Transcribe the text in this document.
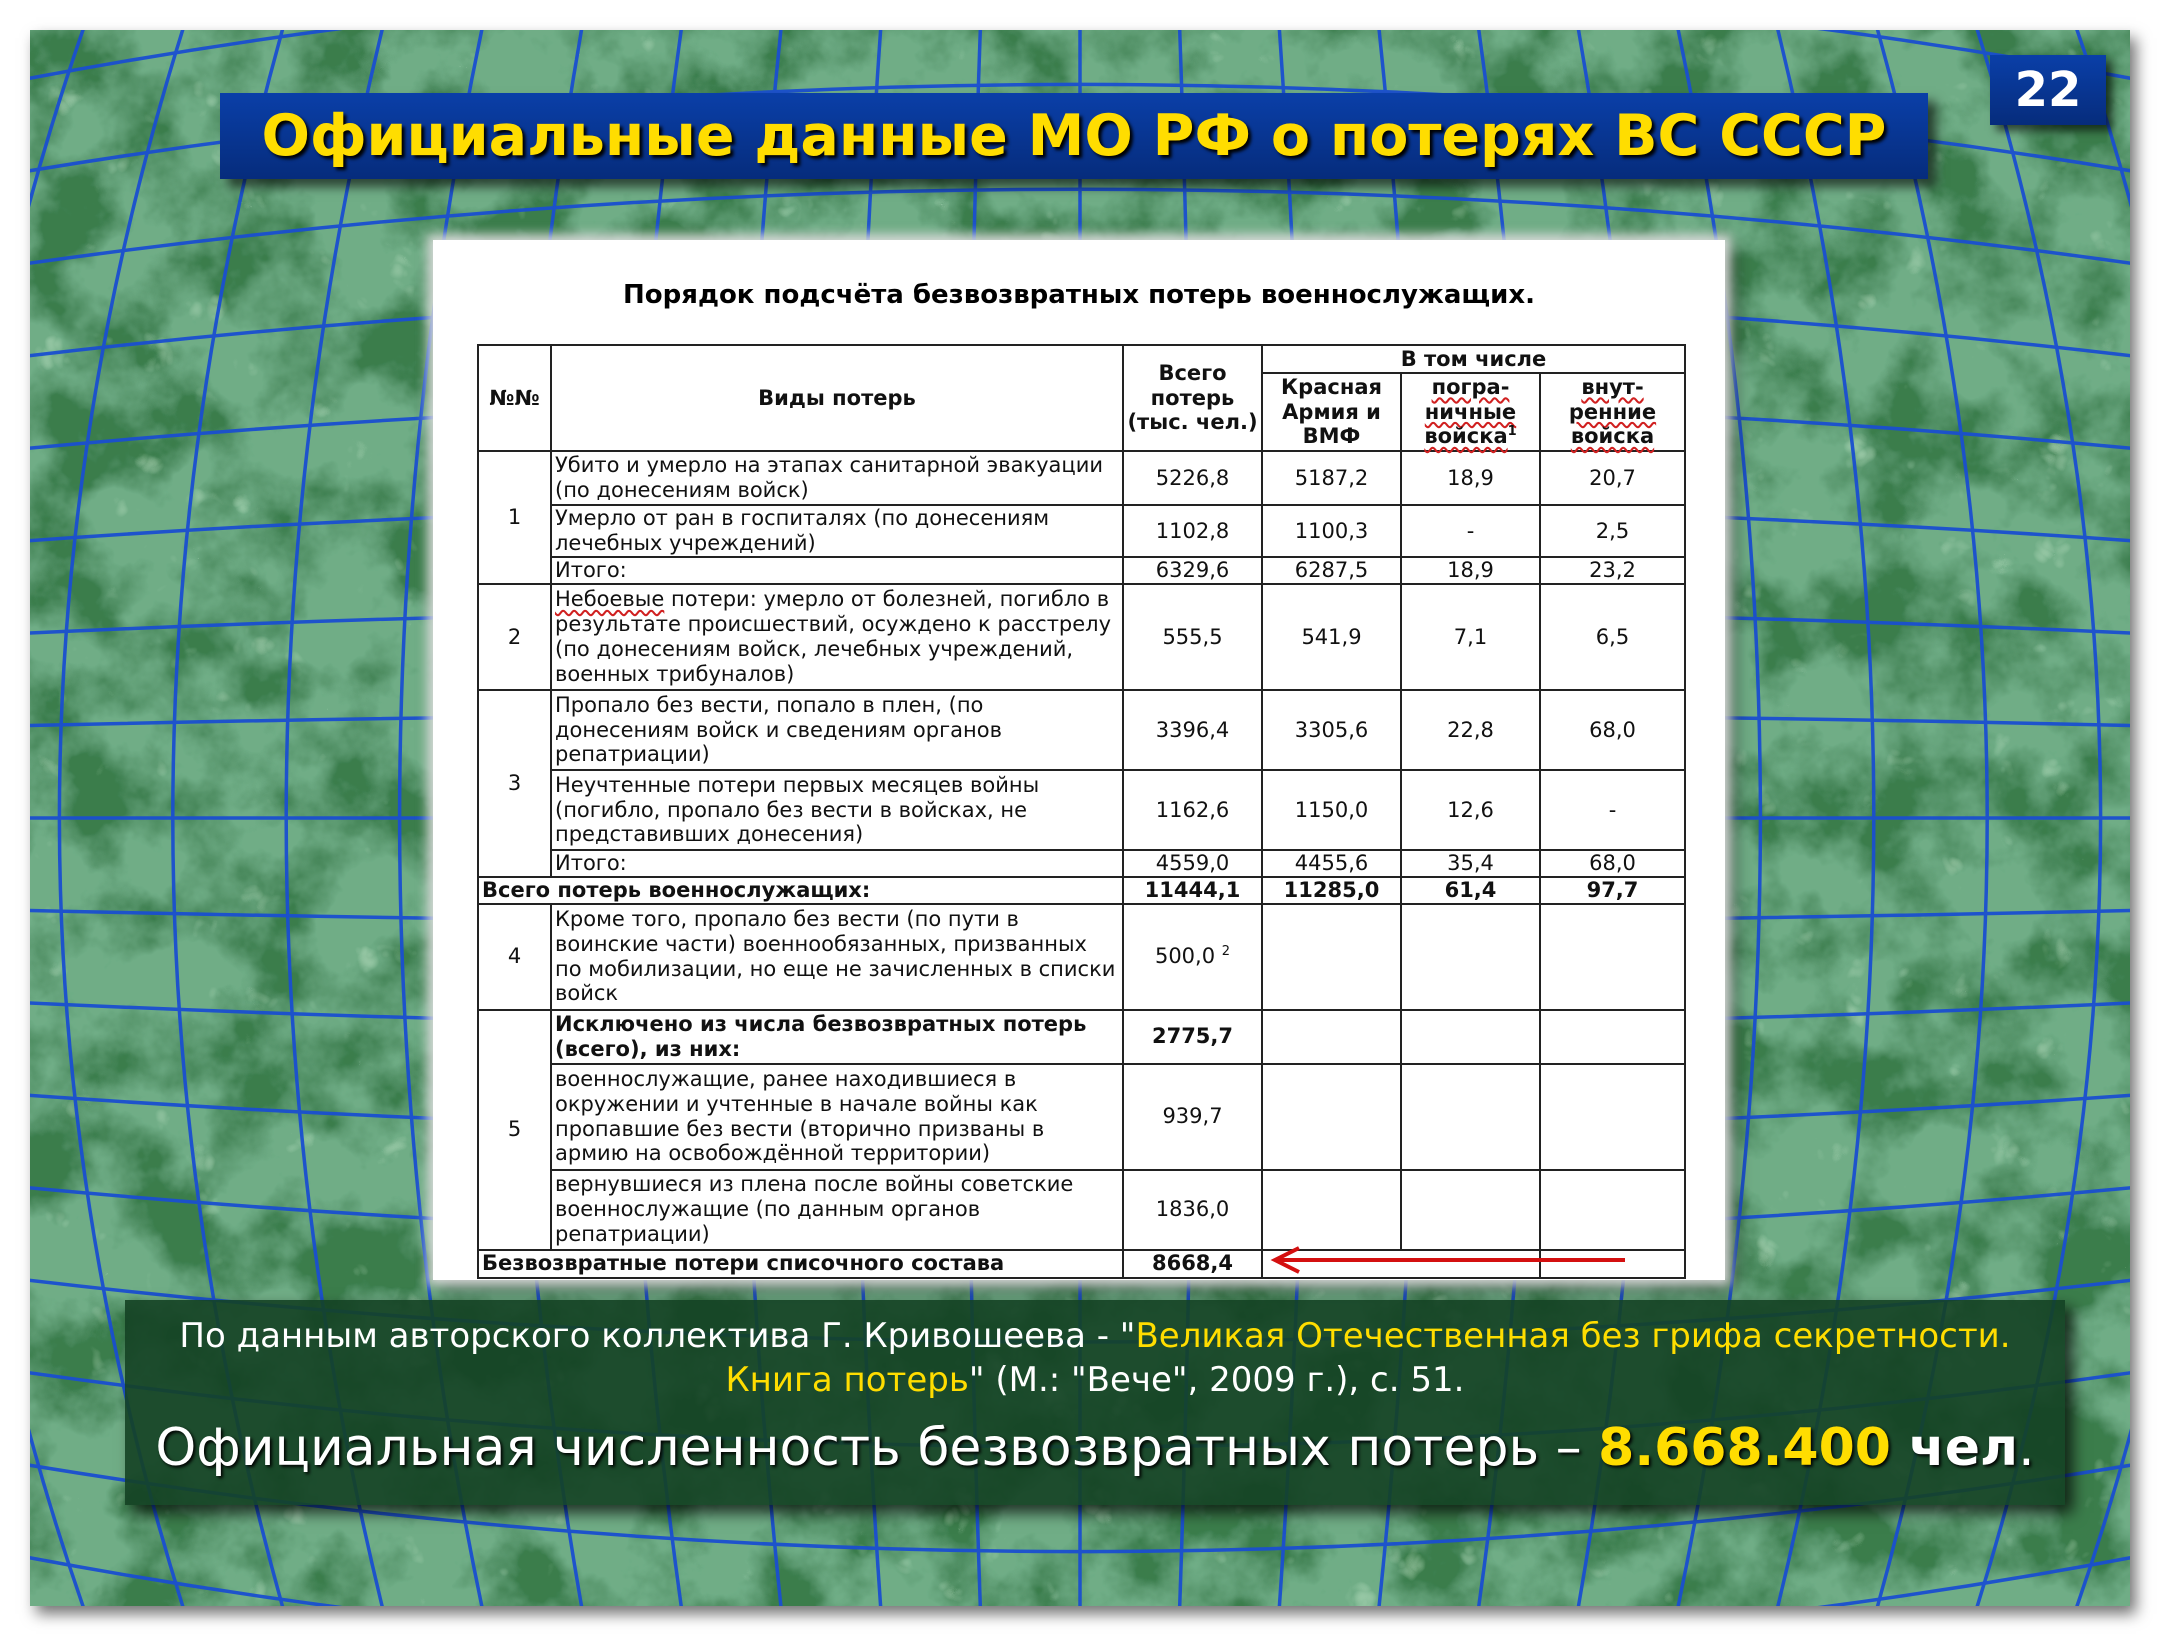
Официальные данные МО РФ о потерях ВС СССР
22
Порядок подсчёта безвозвратных потерь военнослужащих.
№№	Виды потерь	Всего потерь (тыс. чел.)	В том числе		
			Красная Армия и ВМФ	погра-ничные войска$^1$	внут-ренние войска
1	Убито и умерло на этапах санитарной эвакуации (по донесениям войск)	5226,8	5187,2	18,9	20,7
	Умерло от ран в госпиталях (по донесениям лечебных учреждений)	1102,8	1100,3	-	2,5
	Итого:	6329,6	6287,5	18,9	23,2
2	Небоевые потери: умерло от болезней, погибло в результате происшествий, осуждено к расстрелу (по донесениям войск, лечебных учреждений, военных трибуналов)	555,5	541,9	7,1	6,5
3	Пропало без вести, попало в плен, (по донесениям войск и сведениям органов репатриации)	3396,4	3305,6	22,8	68,0
	Неучтенные потери первых месяцев войны (погибло, пропало без вести в войсках, не представивших донесения)	1162,6	1150,0	12,6	-
	Итого:	4559,0	4455,6	35,4	68,0
Всего потерь военнослужащих:		11444,1	11285,0	61,4	97,7
4	Кроме того, пропало без вести (по пути в воинские части) военнообязанных, призванных по мобилизации, но еще не зачисленных в списки войск	500,0 $^2$			
5	Исключено из числа безвозвратных потерь (всего), из них:	2775,7			
	военнослужащие, ранее находившиеся в окружении и учтенные в начале войны как пропавшие без вести (вторично призваны в армию на освобождённой территории)	939,7			
	вернувшиеся из плена после войны советские военнослужащие (по данным органов репатриации)	1836,0			
Безвозвратные потери списочного состава		8668,4			
По данным авторского коллектива Г. Кривошеева - "Великая Отечественная без грифа секретности. Книга потерь" (М.: "Вече", 2009 г.), с. 51.
Официальная численность безвозвратных потерь – 8.668.400 чел.
